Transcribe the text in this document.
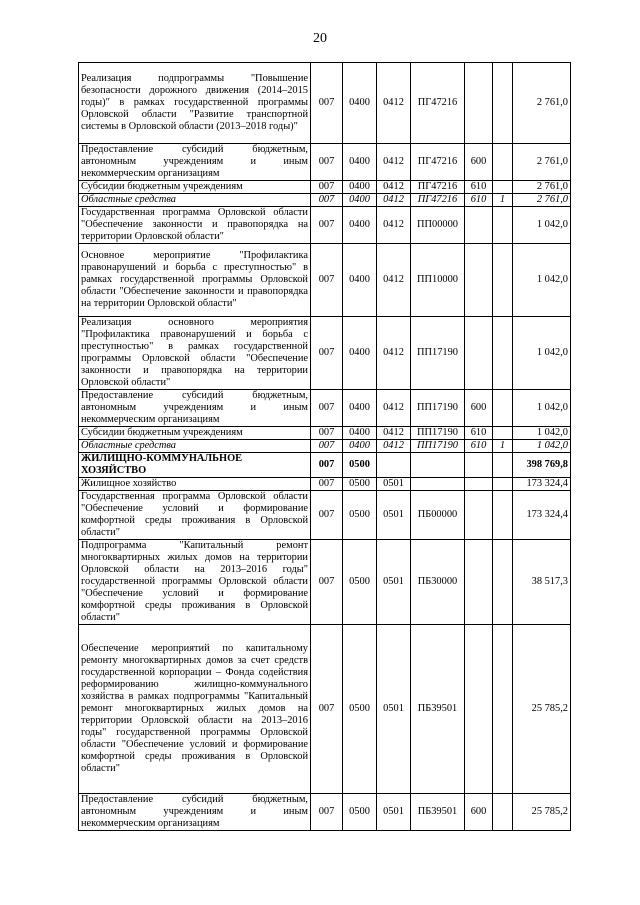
20
Реализация подпрограммы "Повышение безопасности дорожного движения (2014–2015 годы)" в рамках государственной программы Орловской области "Развитие транспортной системы в Орловской области (2013–2018 годы)"	007	0400	0412	ПГ47216			2 761,0
Предоставление субсидий бюджетным, автономным учреждениям и иным некоммерческим организациям	007	0400	0412	ПГ47216	600		2 761,0
Субсидии бюджетным учреждениям	007	0400	0412	ПГ47216	610		2 761,0
Областные средства	007	0400	0412	ПГ47216	610	1	2 761,0
Государственная программа Орловской области "Обеспечение законности и правопорядка на территории Орловской области"	007	0400	0412	ПП00000			1 042,0
Основное мероприятие "Профилактика правонарушений и борьба с преступностью" в рамках государственной программы Орловской области "Обеспечение законности и правопорядка на территории Орловской области"	007	0400	0412	ПП10000			1 042,0
Реализация основного мероприятия "Профилактика правонарушений и борьба с преступностью" в рамках государственной программы Орловской области "Обеспечение законности и правопорядка на территории Орловской области"	007	0400	0412	ПП17190			1 042,0
Предоставление субсидий бюджетным, автономным учреждениям и иным некоммерческим организациям	007	0400	0412	ПП17190	600		1 042,0
Субсидии бюджетным учреждениям	007	0400	0412	ПП17190	610		1 042,0
Областные средства	007	0400	0412	ПП17190	610	1	1 042,0
ЖИЛИЩНО-КОММУНАЛЬНОЕ ХОЗЯЙСТВО	007	0500					398 769,8
Жилищное хозяйство	007	0500	0501				173 324,4
Государственная программа Орловской области "Обеспечение условий и формирование комфортной среды проживания в Орловской области"	007	0500	0501	ПБ00000			173 324,4
Подпрограмма "Капитальный ремонт многоквартирных жилых домов на территории Орловской области на 2013–2016 годы" государственной программы Орловской области "Обеспечение условий и формирование комфортной среды проживания в Орловской области"	007	0500	0501	ПБ30000			38 517,3
Обеспечение мероприятий по капитальному ремонту многоквартирных домов за счет средств государственной корпорации – Фонда содействия реформированию жилищно-коммунального хозяйства в рамках подпрограммы "Капитальный ремонт многоквартирных жилых домов на территории Орловской области на 2013–2016 годы" государственной программы Орловской области "Обеспечение условий и формирование комфортной среды проживания в Орловской области"	007	0500	0501	ПБ39501			25 785,2
Предоставление субсидий бюджетным, автономным учреждениям и иным некоммерческим организациям	007	0500	0501	ПБ39501	600		25 785,2
